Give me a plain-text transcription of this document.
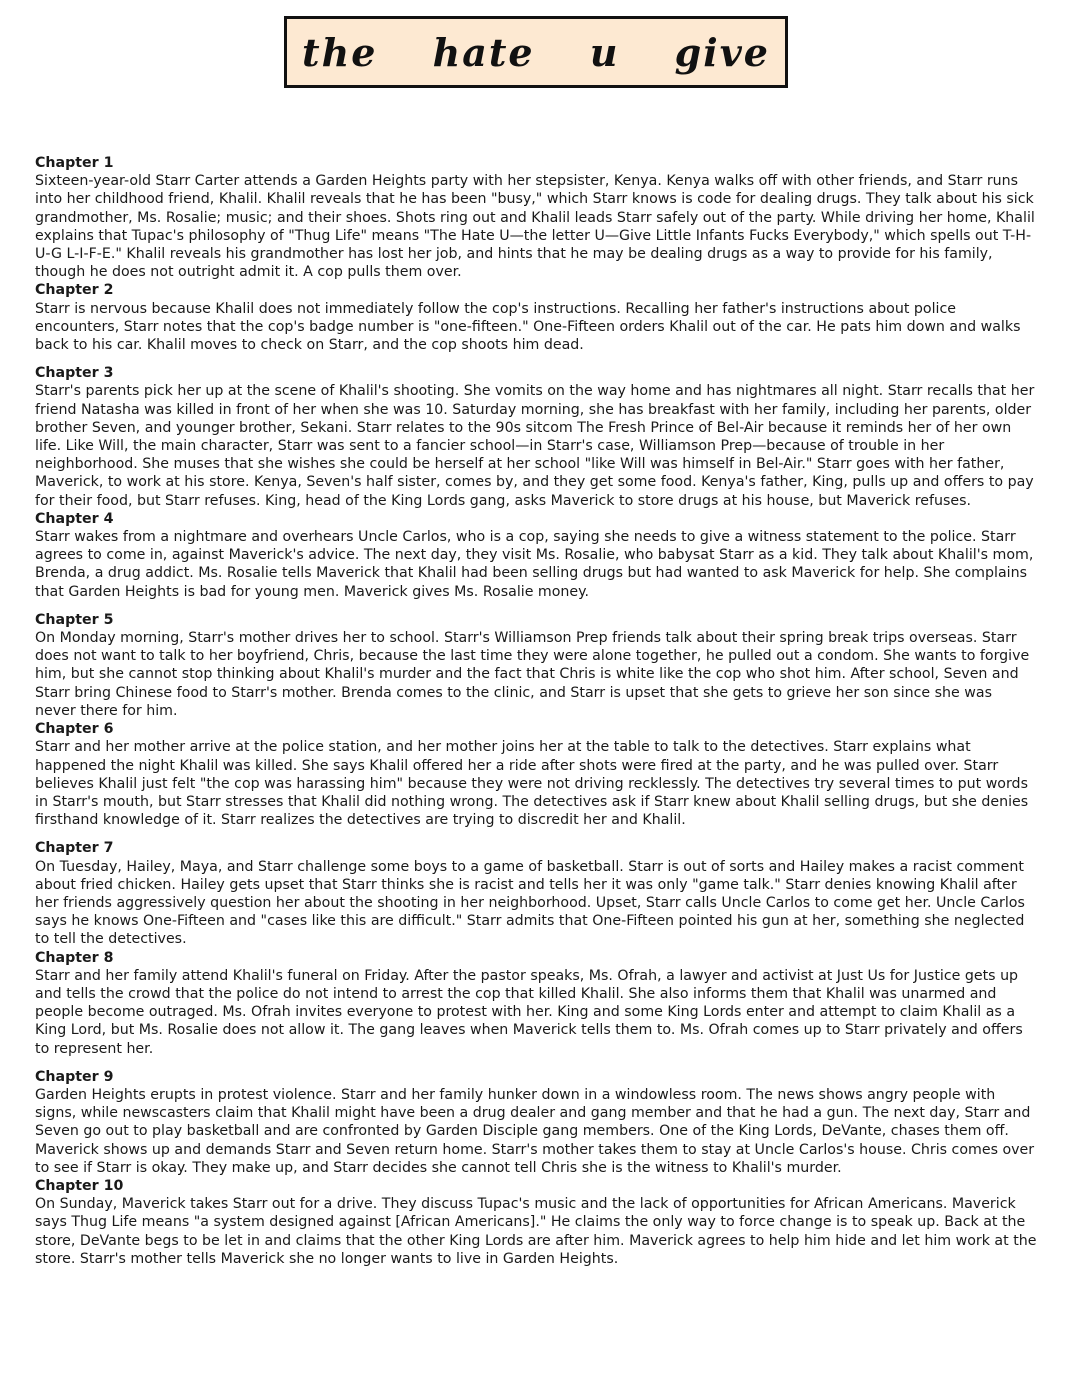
the hate u give

Chapter 1

Sixteen-year-old Starr Carter attends a Garden Heights party with her stepsister, Kenya. Kenya walks off with other friends, and Starr runs into her childhood friend, Khalil. Khalil reveals that he has been "busy," which Starr knows is code for dealing drugs. They talk about his sick grandmother, Ms. Rosalie; music; and their shoes. Shots ring out and Khalil leads Starr safely out of the party. While driving her home, Khalil explains that Tupac's philosophy of "Thug Life" means "The Hate U—the letter U—Give Little Infants Fucks Everybody," which spells out T-H-U-G L-I-F-E." Khalil reveals his grandmother has lost her job, and hints that he may be dealing drugs as a way to provide for his family, though he does not outright admit it. A cop pulls them over.

Chapter 2

Starr is nervous because Khalil does not immediately follow the cop's instructions. Recalling her father's instructions about police encounters, Starr notes that the cop's badge number is "one-fifteen." One-Fifteen orders Khalil out of the car. He pats him down and walks back to his car. Khalil moves to check on Starr, and the cop shoots him dead.

Chapter 3

Starr's parents pick her up at the scene of Khalil's shooting. She vomits on the way home and has nightmares all night. Starr recalls that her friend Natasha was killed in front of her when she was 10. Saturday morning, she has breakfast with her family, including her parents, older brother Seven, and younger brother, Sekani. Starr relates to the 90s sitcom The Fresh Prince of Bel-Air because it reminds her of her own life. Like Will, the main character, Starr was sent to a fancier school—in Starr's case, Williamson Prep—because of trouble in her neighborhood. She muses that she wishes she could be herself at her school "like Will was himself in Bel-Air." Starr goes with her father, Maverick, to work at his store. Kenya, Seven's half sister, comes by, and they get some food. Kenya's father, King, pulls up and offers to pay for their food, but Starr refuses. King, head of the King Lords gang, asks Maverick to store drugs at his house, but Maverick refuses.

Chapter 4

Starr wakes from a nightmare and overhears Uncle Carlos, who is a cop, saying she needs to give a witness statement to the police. Starr agrees to come in, against Maverick's advice. The next day, they visit Ms. Rosalie, who babysat Starr as a kid. They talk about Khalil's mom, Brenda, a drug addict. Ms. Rosalie tells Maverick that Khalil had been selling drugs but had wanted to ask Maverick for help. She complains that Garden Heights is bad for young men. Maverick gives Ms. Rosalie money.

Chapter 5

On Monday morning, Starr's mother drives her to school. Starr's Williamson Prep friends talk about their spring break trips overseas. Starr does not want to talk to her boyfriend, Chris, because the last time they were alone together, he pulled out a condom. She wants to forgive him, but she cannot stop thinking about Khalil's murder and the fact that Chris is white like the cop who shot him. After school, Seven and Starr bring Chinese food to Starr's mother. Brenda comes to the clinic, and Starr is upset that she gets to grieve her son since she was never there for him.

Chapter 6

Starr and her mother arrive at the police station, and her mother joins her at the table to talk to the detectives. Starr explains what happened the night Khalil was killed. She says Khalil offered her a ride after shots were fired at the party, and he was pulled over. Starr believes Khalil just felt "the cop was harassing him" because they were not driving recklessly. The detectives try several times to put words in Starr's mouth, but Starr stresses that Khalil did nothing wrong. The detectives ask if Starr knew about Khalil selling drugs, but she denies firsthand knowledge of it. Starr realizes the detectives are trying to discredit her and Khalil.

Chapter 7

On Tuesday, Hailey, Maya, and Starr challenge some boys to a game of basketball. Starr is out of sorts and Hailey makes a racist comment about fried chicken. Hailey gets upset that Starr thinks she is racist and tells her it was only "game talk." Starr denies knowing Khalil after her friends aggressively question her about the shooting in her neighborhood. Upset, Starr calls Uncle Carlos to come get her. Uncle Carlos says he knows One-Fifteen and "cases like this are difficult." Starr admits that One-Fifteen pointed his gun at her, something she neglected to tell the detectives.

Chapter 8

Starr and her family attend Khalil's funeral on Friday. After the pastor speaks, Ms. Ofrah, a lawyer and activist at Just Us for Justice gets up and tells the crowd that the police do not intend to arrest the cop that killed Khalil. She also informs them that Khalil was unarmed and people become outraged. Ms. Ofrah invites everyone to protest with her. King and some King Lords enter and attempt to claim Khalil as a King Lord, but Ms. Rosalie does not allow it. The gang leaves when Maverick tells them to. Ms. Ofrah comes up to Starr privately and offers to represent her.

Chapter 9

Garden Heights erupts in protest violence. Starr and her family hunker down in a windowless room. The news shows angry people with signs, while newscasters claim that Khalil might have been a drug dealer and gang member and that he had a gun. The next day, Starr and Seven go out to play basketball and are confronted by Garden Disciple gang members. One of the King Lords, DeVante, chases them off. Maverick shows up and demands Starr and Seven return home. Starr's mother takes them to stay at Uncle Carlos's house. Chris comes over to see if Starr is okay. They make up, and Starr decides she cannot tell Chris she is the witness to Khalil's murder.

Chapter 10

On Sunday, Maverick takes Starr out for a drive. They discuss Tupac's music and the lack of opportunities for African Americans. Maverick says Thug Life means "a system designed against [African Americans]." He claims the only way to force change is to speak up. Back at the store, DeVante begs to be let in and claims that the other King Lords are after him. Maverick agrees to help him hide and let him work at the store. Starr's mother tells Maverick she no longer wants to live in Garden Heights.
